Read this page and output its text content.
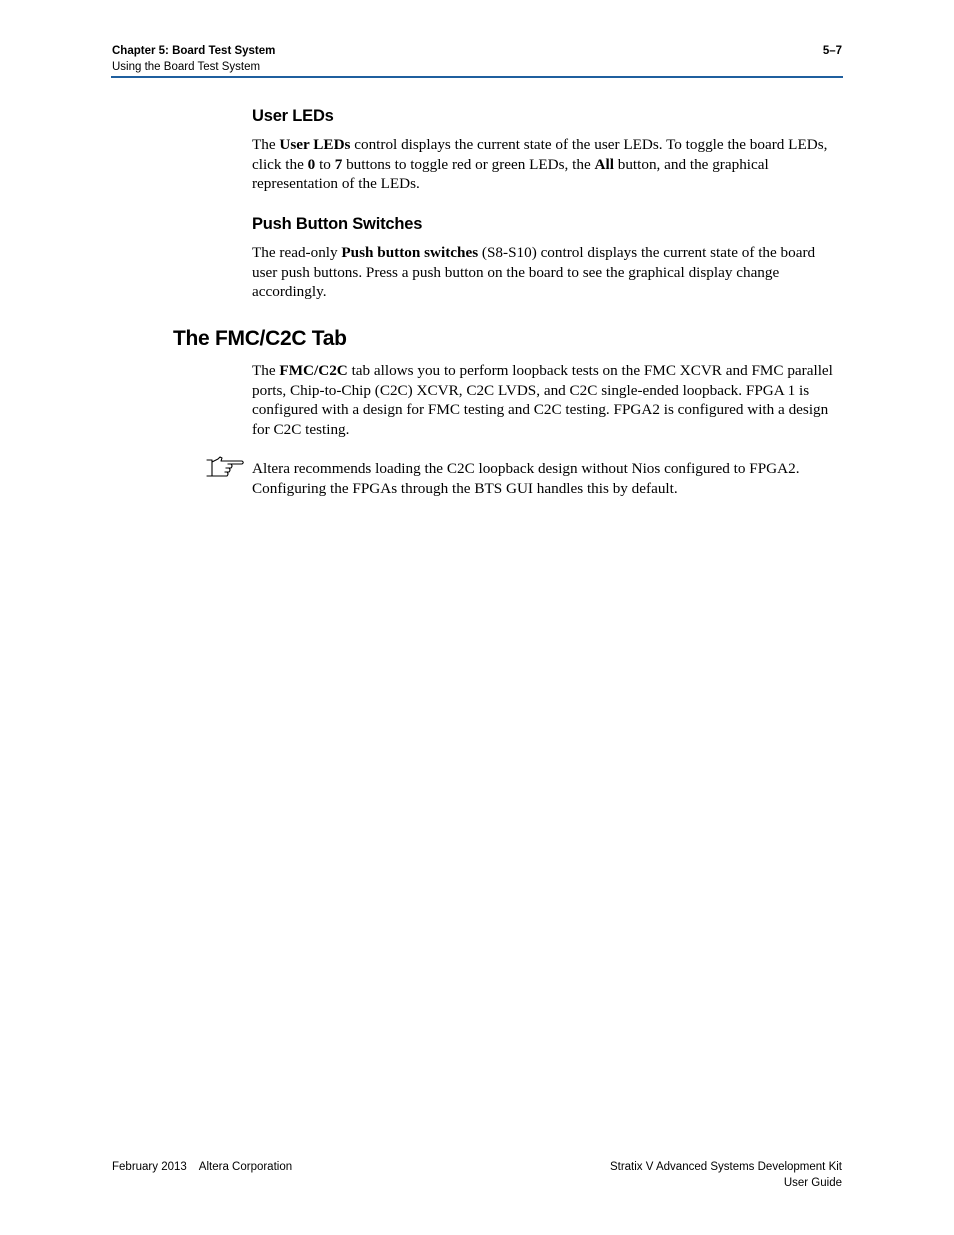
Chapter 5: Board Test System
Using the Board Test System
5–7
User LEDs

The User LEDs control displays the current state of the user LEDs. To toggle the board LEDs, click the 0 to 7 buttons to toggle red or green LEDs, the All button, and the graphical representation of the LEDs.

Push Button Switches

The read-only Push button switches (S8-S10) control displays the current state of the board user push buttons. Press a push button on the board to see the graphical display change accordingly.

The FMC/C2C Tab

The FMC/C2C tab allows you to perform loopback tests on the FMC XCVR and FMC parallel ports, Chip-to-Chip (C2C) XCVR, C2C LVDS, and C2C single-ended loopback. FPGA 1 is configured with a design for FMC testing and C2C testing. FPGA2 is configured with a design for C2C testing.

Altera recommends loading the C2C loopback design without Nios configured to FPGA2. Configuring the FPGAs through the BTS GUI handles this by default.

February 2013 Altera Corporation	Stratix V Advanced Systems Development Kit
User Guide
